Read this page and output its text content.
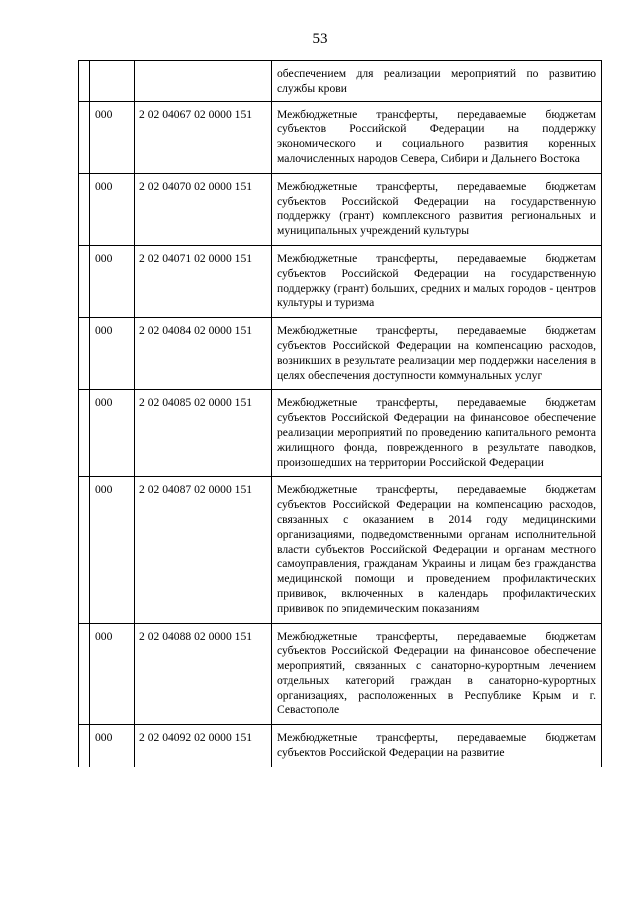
53
			обеспечением для реализации мероприятий по развитию службы крови
	000	2 02 04067 02 0000 151	Межбюджетные трансферты, передаваемые бюджетам субъектов Российской Федерации на поддержку экономического и социального развития коренных малочисленных народов Севера, Сибири и Дальнего Востока
	000	2 02 04070 02 0000 151	Межбюджетные трансферты, передаваемые бюджетам субъектов Российской Федерации на государственную поддержку (грант) комплексного развития региональных и муниципальных учреждений культуры
	000	2 02 04071 02 0000 151	Межбюджетные трансферты, передаваемые бюджетам субъектов Российской Федерации на государственную поддержку (грант) больших, средних и малых городов - центров культуры и туризма
	000	2 02 04084 02 0000 151	Межбюджетные трансферты, передаваемые бюджетам субъектов Российской Федерации на компенсацию расходов, возникших в результате реализации мер поддержки населения в целях обеспечения доступности коммунальных услуг
	000	2 02 04085 02 0000 151	Межбюджетные трансферты, передаваемые бюджетам субъектов Российской Федерации на финансовое обеспечение реализации мероприятий по проведению капитального ремонта жилищного фонда, поврежденного в результате паводков, произошедших на территории Российской Федерации
	000	2 02 04087 02 0000 151	Межбюджетные трансферты, передаваемые бюджетам субъектов Российской Федерации на компенсацию расходов, связанных с оказанием в 2014 году медицинскими организациями, подведомственными органам исполнительной власти субъектов Российской Федерации и органам местного самоуправления, гражданам Украины и лицам без гражданства медицинской помощи и проведением профилактических прививок, включенных в календарь профилактических прививок по эпидемическим показаниям
	000	2 02 04088 02 0000 151	Межбюджетные трансферты, передаваемые бюджетам субъектов Российской Федерации на финансовое обеспечение мероприятий, связанных с санаторно-курортным лечением отдельных категорий граждан в санаторно-курортных организациях, расположенных в Республике Крым и г. Севастополе
	000	2 02 04092 02 0000 151	Межбюджетные трансферты, передаваемые бюджетам субъектов Российской Федерации на развитие
